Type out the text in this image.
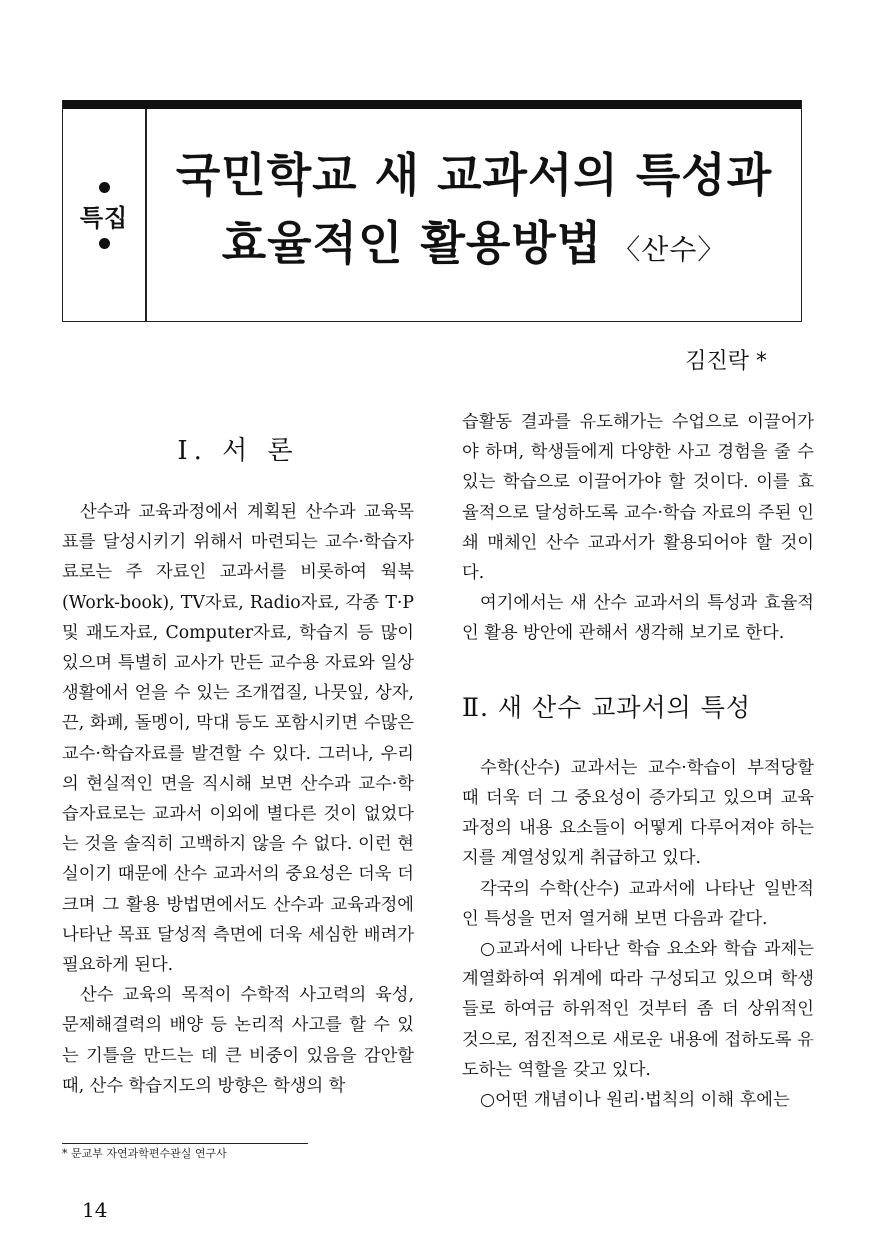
특집
국민학교 새 교과서의 특성과
효율적인 활용방법 〈산수〉
김진락 *
Ⅰ. 서 론

산수과 교육과정에서 계획된 산수과 교육목표를 달성시키기 위해서 마련되는 교수·학습자료로는 주 자료인 교과서를 비롯하여 웍북(Work-book), TV자료, Radio자료, 각종 T·P 및 괘도자료, Computer자료, 학습지 등 많이 있으며 특별히 교사가 만든 교수용 자료와 일상생활에서 얻을 수 있는 조개껍질, 나뭇잎, 상자, 끈, 화폐, 돌멩이, 막대 등도 포함시키면 수많은 교수·학습자료를 발견할 수 있다. 그러나, 우리의 현실적인 면을 직시해 보면 산수과 교수·학습자료로는 교과서 이외에 별다른 것이 없었다는 것을 솔직히 고백하지 않을 수 없다. 이런 현실이기 때문에 산수 교과서의 중요성은 더욱 더 크며 그 활용 방법면에서도 산수과 교육과정에 나타난 목표 달성적 측면에 더욱 세심한 배려가 필요하게 된다.

산수 교육의 목적이 수학적 사고력의 육성, 문제해결력의 배양 등 논리적 사고를 할 수 있는 기틀을 만드는 데 큰 비중이 있음을 감안할 때, 산수 학습지도의 방향은 학생의 학

습활동 결과를 유도해가는 수업으로 이끌어가야 하며, 학생들에게 다양한 사고 경험을 줄 수 있는 학습으로 이끌어가야 할 것이다. 이를 효율적으로 달성하도록 교수·학습 자료의 주된 인쇄 매체인 산수 교과서가 활용되어야 할 것이다.

여기에서는 새 산수 교과서의 특성과 효율적인 활용 방안에 관해서 생각해 보기로 한다.

Ⅱ. 새 산수 교과서의 특성

수학(산수) 교과서는 교수·학습이 부적당할 때 더욱 더 그 중요성이 증가되고 있으며 교육과정의 내용 요소들이 어떻게 다루어져야 하는지를 계열성있게 취급하고 있다.

각국의 수학(산수) 교과서에 나타난 일반적인 특성을 먼저 열거해 보면 다음과 같다.

○교과서에 나타난 학습 요소와 학습 과제는 계열화하여 위계에 따라 구성되고 있으며 학생들로 하여금 하위적인 것부터 좀 더 상위적인 것으로, 점진적으로 새로운 내용에 접하도록 유도하는 역할을 갖고 있다.

○어떤 개념이나 원리·법칙의 이해 후에는

* 문교부 자연과학편수관실 연구사
14
